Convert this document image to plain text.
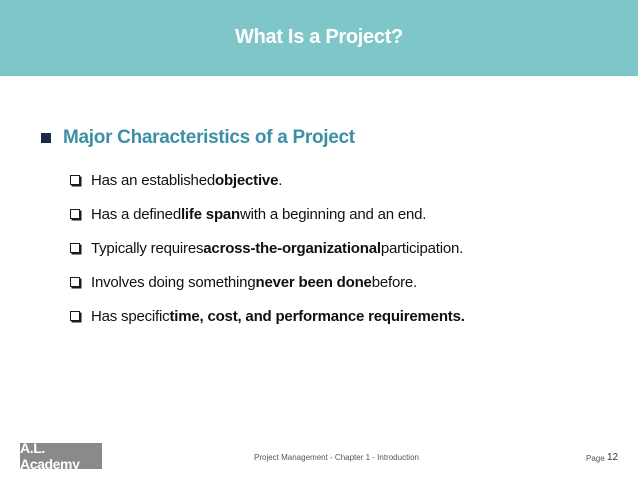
What Is a Project?
Major Characteristics of a Project
Has an established objective .
Has a defined life span with a beginning and an end.
Typically requires across-the-organizational participation.
Involves doing something never been done before.
Has specific time, cost, and performance requirements.
A.L. Academy	Project Management - Chapter 1 - Introduction	Page 12
